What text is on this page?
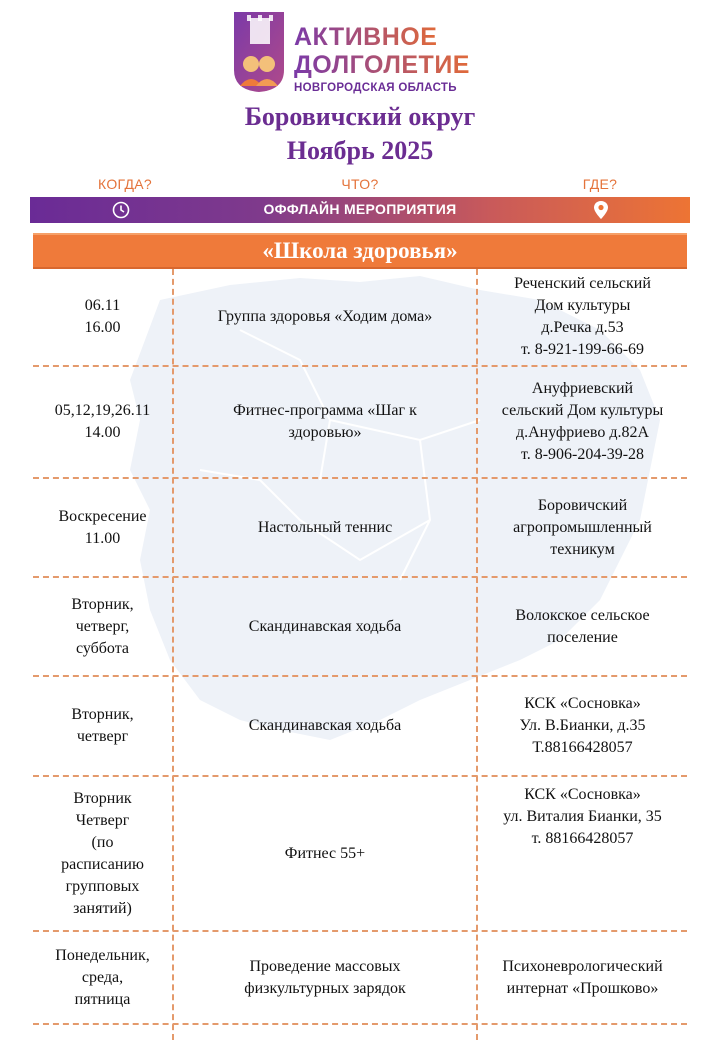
АКТИВНОЕ
ДОЛГОЛЕТИЕ
НОВГОРОДСКАЯ ОБЛАСТЬ
Боровичский округ
Ноябрь 2025
КОГДА?	ЧТО?	ГДЕ?
ОФФЛАЙН МЕРОПРИЯТИЯ
«Школа здоровья»
06.11
16.00
Группа здоровья «Ходим дома»
Реченский сельский
Дом культуры
д.Речка д.53
т. 8-921-199-66-69
05,12,19,26.11
14.00
Фитнес-программа «Шаг к здоровью»
Ануфриевский
сельский Дом культуры
д.Ануфриево д.82А
т. 8-906-204-39-28
Воскресение
11.00
Настольный теннис
Боровичский
агропромышленный
техникум
Вторник,
четверг,
суббота
Скандинавская ходьба
Волокское сельское
поселение
Вторник,
четверг
Скандинавская ходьба
КСК «Сосновка»
Ул. В.Бианки, д.35
Т.88166428057
Вторник
Четверг
(по
расписанию
групповых
занятий)
Фитнес 55+
КСК «Сосновка»
ул. Виталия Бианки, 35
т. 88166428057
Понедельник,
среда,
пятница
Проведение массовых
физкультурных зарядок
Психоневрологический
интернат «Прошково»
